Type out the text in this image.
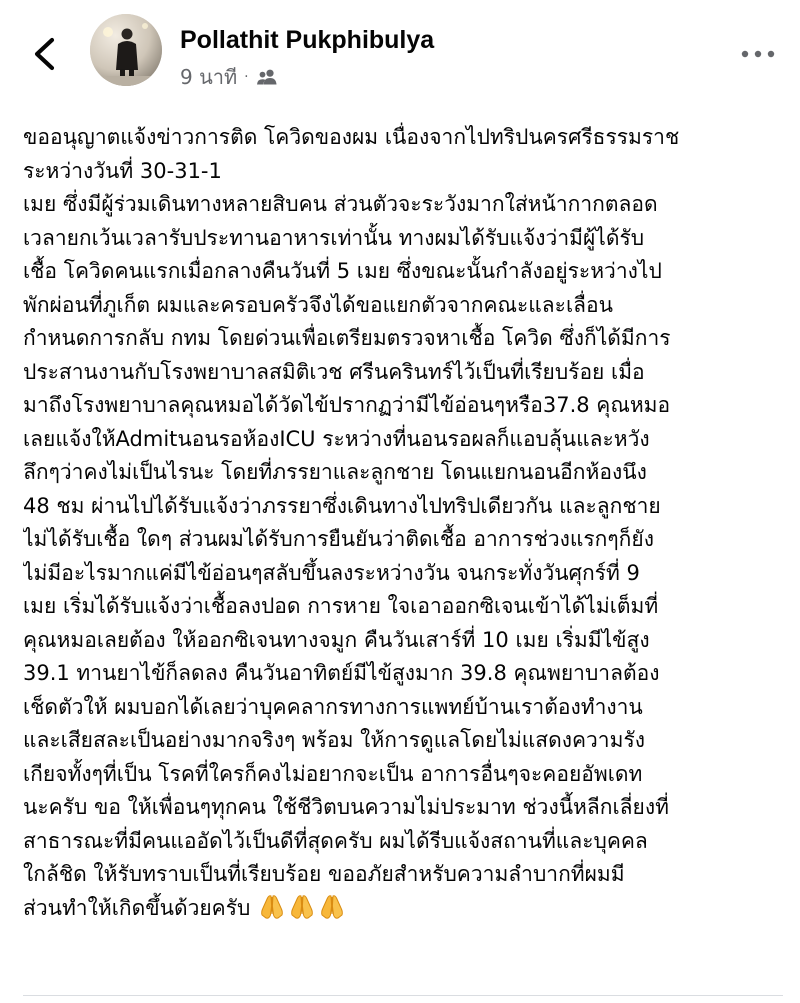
Pollathit Pukphibulya
9 นาที ·
ขออนุญาตแจ้งข่าวการติด โควิดของผม เนื่องจากไปทริปนครศรีธรรมราช
ระหว่างวันที่ 30-31-1
เมย ซึ่งมีผู้ร่วมเดินทางหลายสิบคน ส่วนตัวจะระวังมากใส่หน้ากากตลอด
เวลายกเว้นเวลารับประทานอาหารเท่านั้น ทางผมได้รับแจ้งว่ามีผู้ได้รับ
เชื้อ โควิดคนแรกเมื่อกลางคืนวันที่ 5 เมย ซึ่งขณะนั้นกำลังอยู่ระหว่างไป
พักผ่อนที่ภูเก็ต ผมและครอบครัวจึงได้ขอแยกตัวจากคณะและเลื่อน
กำหนดการกลับ กทม โดยด่วนเพื่อเตรียมตรวจหาเชื้อ โควิด ซึ่งก็ได้มีการ
ประสานงานกับโรงพยาบาลสมิติเวช ศรีนครินทร์ไว้เป็นที่เรียบร้อย เมื่อ
มาถึงโรงพยาบาลคุณหมอได้วัดไข้ปรากฏว่ามีไข้อ่อนๆหรือ37.8 คุณหมอ
เลยแจ้งให้Admitนอนรอห้องICU ระหว่างที่นอนรอผลก็แอบลุ้นและหวัง
ลึกๆว่าคงไม่เป็นไรนะ โดยที่ภรรยาและลูกชาย โดนแยกนอนอีกห้องนึง
48 ชม ผ่านไปได้รับแจ้งว่าภรรยาซึ่งเดินทางไปทริปเดียวกัน และลูกชาย
ไม่ได้รับเชื้อ ใดๆ ส่วนผมได้รับการยืนยันว่าติดเชื้อ อาการช่วงแรกๆก็ยัง
ไม่มีอะไรมากแค่มีไข้อ่อนๆสลับขึ้นลงระหว่างวัน จนกระทั่งวันศุกร์ที่ 9
เมย เริ่มได้รับแจ้งว่าเชื้อลงปอด การหาย ใจเอาออกซิเจนเข้าได้ไม่เต็มที่
คุณหมอเลยต้อง ให้ออกซิเจนทางจมูก คืนวันเสาร์ที่ 10 เมย เริ่มมีไข้สูง
39.1 ทานยาไข้ก็ลดลง คืนวันอาทิตย์มีไข้สูงมาก 39.8 คุณพยาบาลต้อง
เช็ดตัวให้ ผมบอกได้เลยว่าบุคคลากรทางการแพทย์บ้านเราต้องทำงาน
และเสียสละเป็นอย่างมากจริงๆ พร้อม ให้การดูแลโดยไม่แสดงความรัง
เกียจทั้งๆที่เป็น โรคที่ใครก็คงไม่อยากจะเป็น อาการอื่นๆจะคอยอัพเดท
นะครับ ขอ ให้เพื่อนๆทุกคน ใช้ชีวิตบนความไม่ประมาท ช่วงนี้หลีกเลี่ยงที่
สาธารณะที่มีคนแออัดไว้เป็นดีที่สุดครับ ผมได้รีบแจ้งสถานที่และบุคคล
ใกล้ชิด ให้รับทราบเป็นที่เรียบร้อย ขออภัยสำหรับความลำบากที่ผมมี
ส่วนทำให้เกิดขึ้นด้วยครับ
